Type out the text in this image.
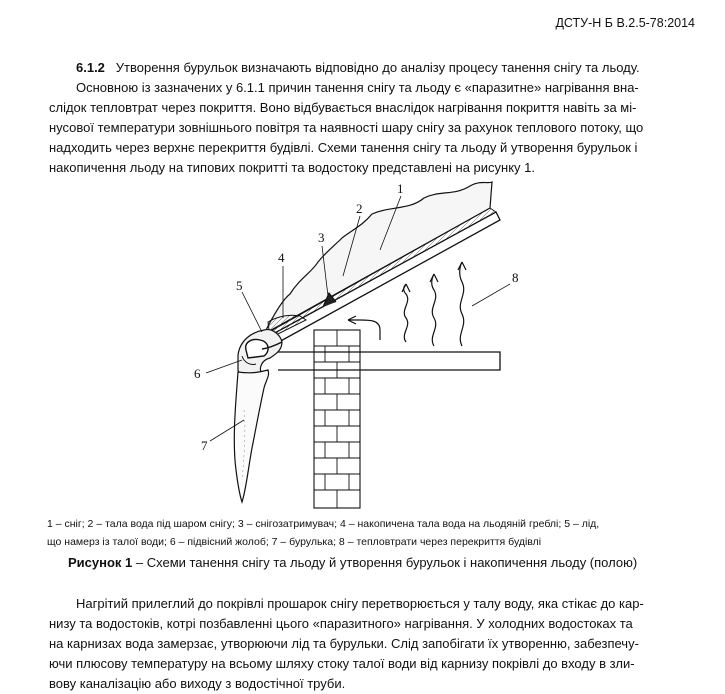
ДСТУ-Н Б В.2.5-78:2014
6.1.2 Утворення бурульок визначають відповідно до аналізу процесу танення снігу та льоду.
Основною із зазначених у 6.1.1 причин танення снігу та льоду є «паразитне» нагрівання вна-
слідок тепловтрат через покриття. Воно відбувається внаслідок нагрівання покриття навіть за мі-
нусової температури зовнішнього повітря та наявності шару снігу за рахунок теплового потоку, що
надходить через верхнє перекриття будівлі. Схеми танення снігу та льоду й утворення бурульок і
накопичення льоду на типових покритті та водостоку представлені на рисунку 1.
1
2
3
4
5
6
7
8
1 – сніг; 2 – тала вода під шаром снігу; 3 – снігозатримувач; 4 – накопичена тала вода на льодяній греблі; 5 – лід,
що намерз із талої води; 6 – підвісний жолоб; 7 – бурулька; 8 – тепловтрати через перекриття будівлі
Рисунок 1 – Схеми танення снігу та льоду й утворення бурульок і накопичення льоду (полою)
Нагрітий прилеглий до покрівлі прошарок снігу перетворюється у талу воду, яка стікає до кар-
низу та водостоків, котрі позбавленні цього «паразитного» нагрівання. У холодних водостоках та
на карнизах вода замерзає, утворюючи лід та бурульки. Слід запобігати їх утворенню, забезпечу-
ючи плюсову температуру на всьому шляху стоку талої води від карнизу покрівлі до входу в зли-
вову каналізацію або виходу з водостічної труби.
